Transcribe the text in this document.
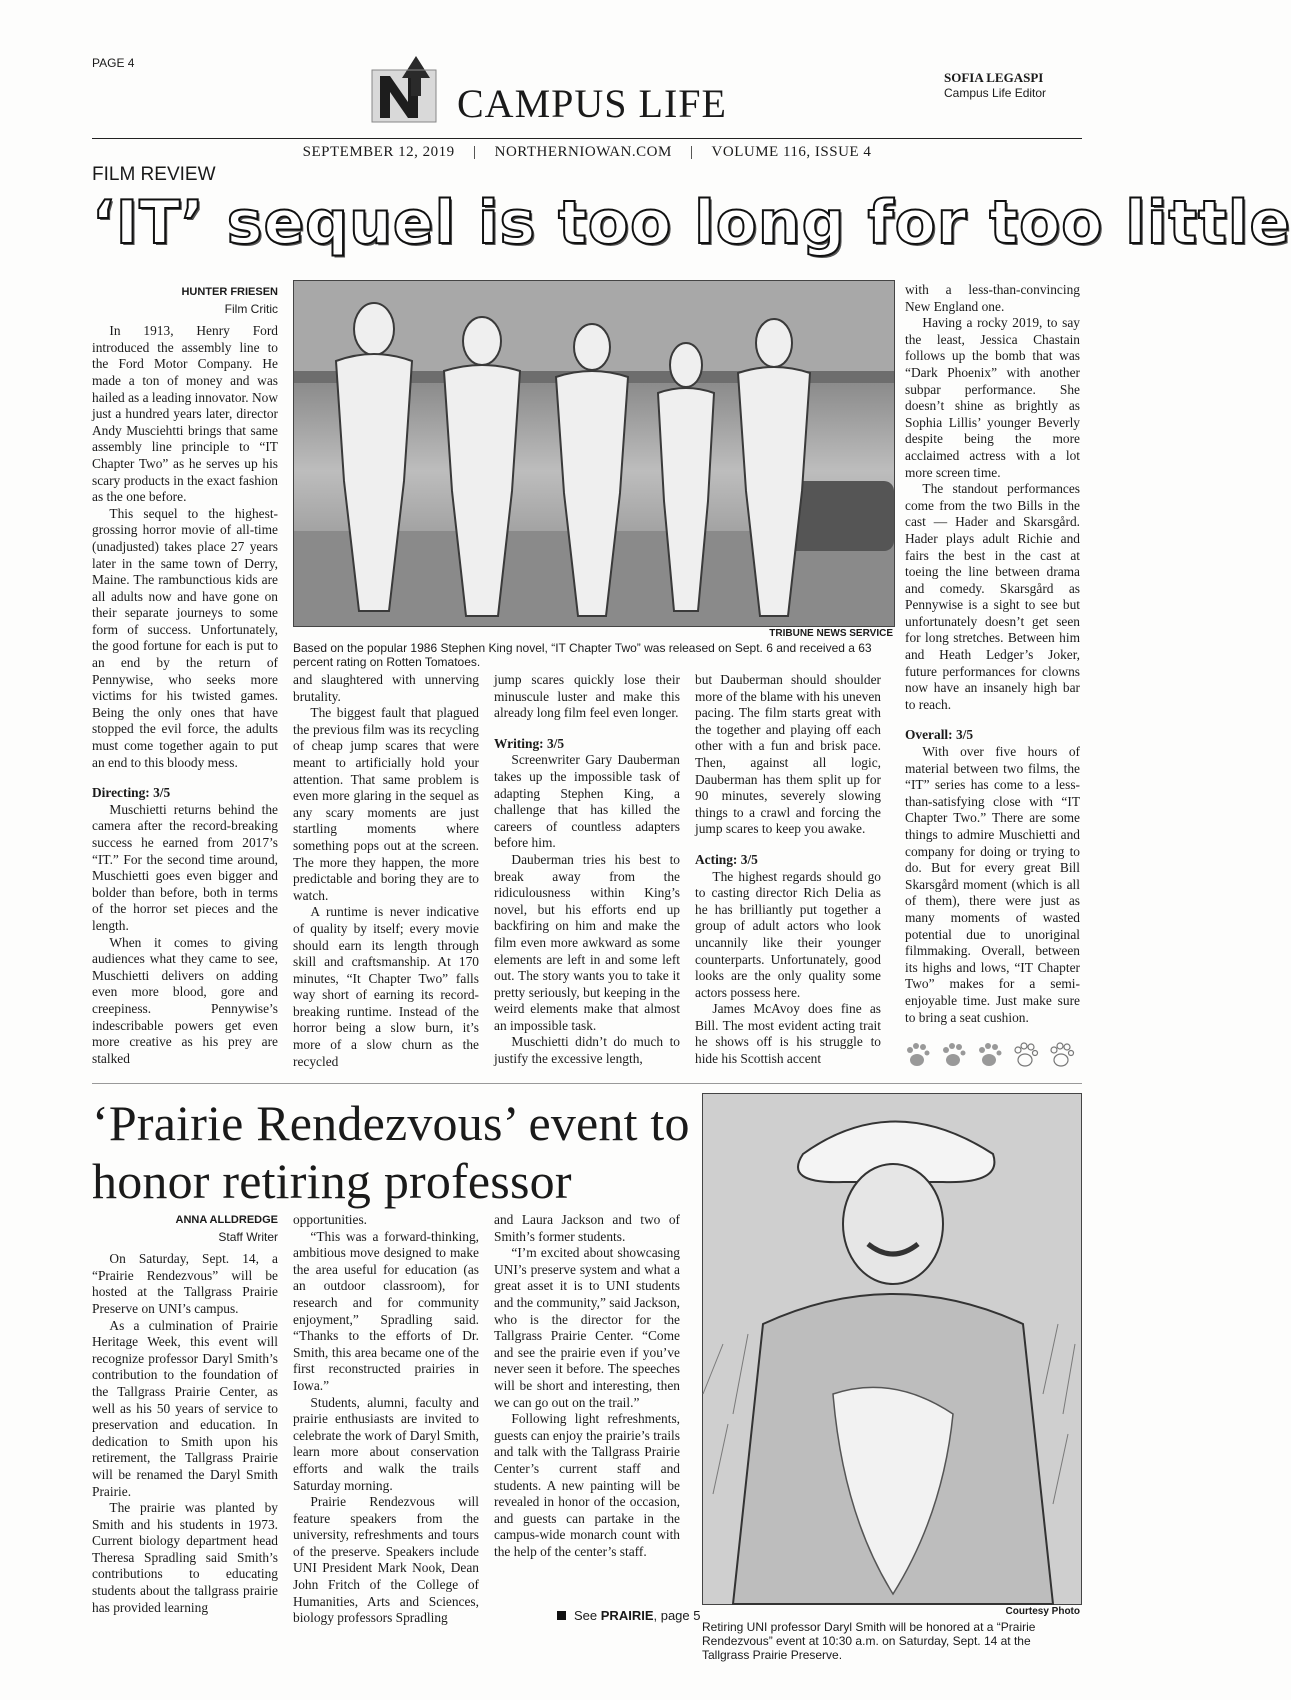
PAGE 4
CAMPUS LIFE
SOFIA LEGASPI
Campus Life Editor
SEPTEMBER 12, 2019 | NORTHERNIOWAN.COM | VOLUME 116, ISSUE 4
FILM REVIEW
‘IT’ sequel is too long for too little
HUNTER FRIESEN
Film Critic

In 1913, Henry Ford introduced the assembly line to the Ford Motor Company. He made a ton of money and was hailed as a leading innovator. Now just a hundred years later, director Andy Musciehtti brings that same assembly line principle to “IT Chapter Two” as he serves up his scary products in the exact fashion as the one before.

This sequel to the highest-grossing horror movie of all-time (unadjusted) takes place 27 years later in the same town of Derry, Maine. The rambunctious kids are all adults now and have gone on their separate journeys to some form of success. Unfortunately, the good fortune for each is put to an end by the return of Pennywise, who seeks more victims for his twisted games. Being the only ones that have stopped the evil force, the adults must come together again to put an end to this bloody mess.

Directing: 3/5

Muschietti returns behind the camera after the record-breaking success he earned from 2017’s “IT.” For the second time around, Muschietti goes even bigger and bolder than before, both in terms of the horror set pieces and the length.

When it comes to giving audiences what they came to see, Muschietti delivers on adding even more blood, gore and creepiness. Pennywise’s indescribable powers get even more creative as his prey are stalked

TRIBUNE NEWS SERVICE
Based on the popular 1986 Stephen King novel, “IT Chapter Two” was released on Sept. 6 and received a 63 percent rating on Rotten Tomatoes.

and slaughtered with unnerving brutality.

The biggest fault that plagued the previous film was its recycling of cheap jump scares that were meant to artificially hold your attention. That same problem is even more glaring in the sequel as any scary moments are just startling moments where something pops out at the screen. The more they happen, the more predictable and boring they are to watch.

A runtime is never indicative of quality by itself; every movie should earn its length through skill and craftsmanship. At 170 minutes, “It Chapter Two” falls way short of earning its record-breaking runtime. Instead of the horror being a slow burn, it’s more of a slow churn as the recycled

jump scares quickly lose their minuscule luster and make this already long film feel even longer.

Writing: 3/5

Screenwriter Gary Dauberman takes up the impossible task of adapting Stephen King, a challenge that has killed the careers of countless adapters before him.

Dauberman tries his best to break away from the ridiculousness within King’s novel, but his efforts end up backfiring on him and make the film even more awkward as some elements are left in and some left out. The story wants you to take it pretty seriously, but keeping in the weird elements make that almost an impossible task.

Muschietti didn’t do much to justify the excessive length,

but Dauberman should shoulder more of the blame with his uneven pacing. The film starts great with the together and playing off each other with a fun and brisk pace. Then, against all logic, Dauberman has them split up for 90 minutes, severely slowing things to a crawl and forcing the jump scares to keep you awake.

Acting: 3/5

The highest regards should go to casting director Rich Delia as he has brilliantly put together a group of adult actors who look uncannily like their younger counterparts. Unfortunately, good looks are the only quality some actors possess here.

James McAvoy does fine as Bill. The most evident acting trait he shows off is his struggle to hide his Scottish accent

with a less-than-convincing New England one.

Having a rocky 2019, to say the least, Jessica Chastain follows up the bomb that was “Dark Phoenix” with another subpar performance. She doesn’t shine as brightly as Sophia Lillis’ younger Beverly despite being the more acclaimed actress with a lot more screen time.

The standout performances come from the two Bills in the cast — Hader and Skarsgård. Hader plays adult Richie and fairs the best in the cast at toeing the line between drama and comedy. Skarsgård as Pennywise is a sight to see but unfortunately doesn’t get seen for long stretches. Between him and Heath Ledger’s Joker, future performances for clowns now have an insanely high bar to reach.

Overall: 3/5

With over five hours of material between two films, the “IT” series has come to a less-than-satisfying close with “IT Chapter Two.” There are some things to admire Muschietti and company for doing or trying to do. But for every great Bill Skarsgård moment (which is all of them), there were just as many moments of wasted potential due to unoriginal filmmaking. Overall, between its highs and lows, “IT Chapter Two” makes for a semi-enjoyable time. Just make sure to bring a seat cushion.

‘Prairie Rendezvous’ event to honor retiring professor
ANNA ALLDREDGE
Staff Writer

On Saturday, Sept. 14, a “Prairie Rendezvous” will be hosted at the Tallgrass Prairie Preserve on UNI’s campus.

As a culmination of Prairie Heritage Week, this event will recognize professor Daryl Smith’s contribution to the foundation of the Tallgrass Prairie Center, as well as his 50 years of service to preservation and education. In dedication to Smith upon his retirement, the Tallgrass Prairie will be renamed the Daryl Smith Prairie.

The prairie was planted by Smith and his students in 1973. Current biology department head Theresa Spradling said Smith’s contributions to educating students about the tallgrass prairie has provided learning

opportunities.

“This was a forward-thinking, ambitious move designed to make the area useful for education (as an outdoor classroom), for research and for community enjoyment,” Spradling said. “Thanks to the efforts of Dr. Smith, this area became one of the first reconstructed prairies in Iowa.”

Students, alumni, faculty and prairie enthusiasts are invited to celebrate the work of Daryl Smith, learn more about conservation efforts and walk the trails Saturday morning.

Prairie Rendezvous will feature speakers from the university, refreshments and tours of the preserve. Speakers include UNI President Mark Nook, Dean John Fritch of the College of Humanities, Arts and Sciences, biology professors Spradling

and Laura Jackson and two of Smith’s former students.

“I’m excited about showcasing UNI’s preserve system and what a great asset it is to UNI students and the community,” said Jackson, who is the director for the Tallgrass Prairie Center. “Come and see the prairie even if you’ve never seen it before. The speeches will be short and interesting, then we can go out on the trail.”

Following light refreshments, guests can enjoy the prairie’s trails and talk with the Tallgrass Prairie Center’s current staff and students. A new painting will be revealed in honor of the occasion, and guests can partake in the campus-wide monarch count with the help of the center’s staff.

See PRAIRIE, page 5	Courtesy Photo
Retiring UNI professor Daryl Smith will be honored at a “Prairie Rendezvous” event at 10:30 a.m. on Saturday, Sept. 14 at the Tallgrass Prairie Preserve.
